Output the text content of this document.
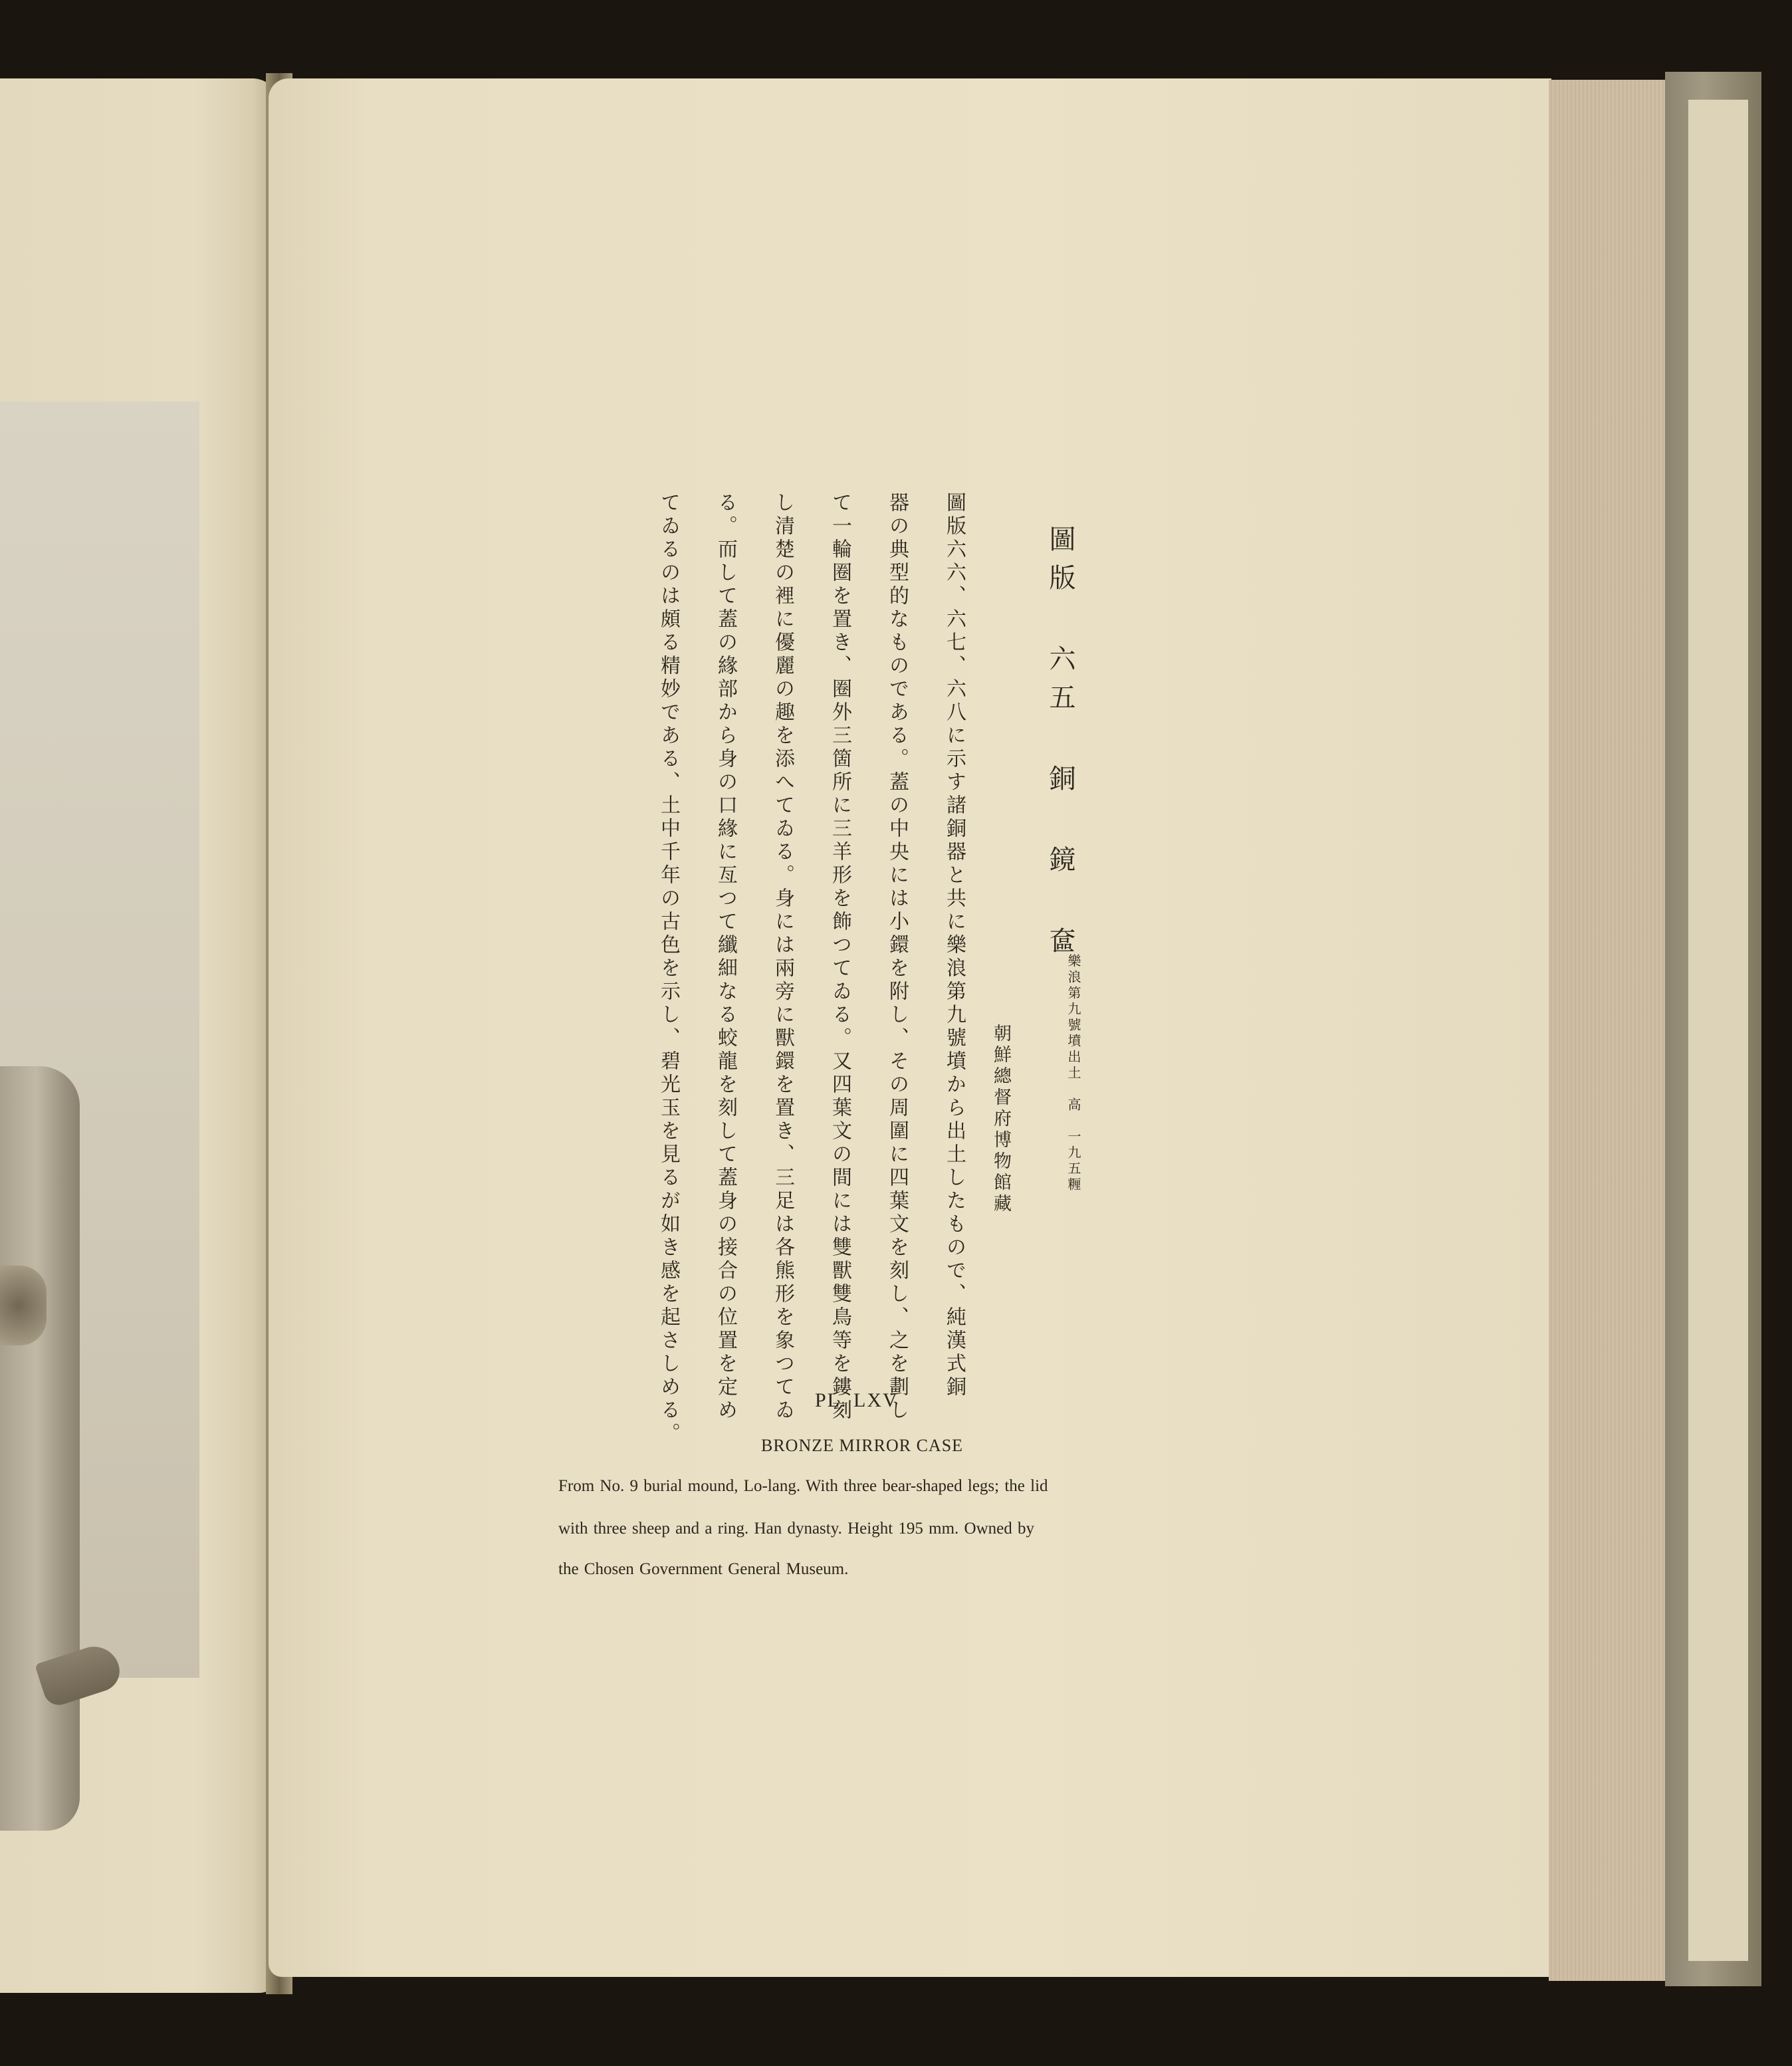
圖版 六五 銅 鏡 奩
樂浪第九號墳出土　高　一九五糎
朝鮮總督府博物館藏
圖版六六、六七、六八に示す諸銅器と共に樂浪第九號墳から出土したもので、純漢式銅
器の典型的なものである。蓋の中央には小鐶を附し、その周圍に四葉文を刻し、之を劃し
て一輪圈を置き、圈外三箇所に三羊形を飾つてゐる。又四葉文の間には雙獸雙鳥等を鏤刻
し清楚の裡に優麗の趣を添へてゐる。身には兩旁に獸鐶を置き、三足は各熊形を象つてゐ
る。而して蓋の緣部から身の口緣に亙つて纖細なる蛟龍を刻して蓋身の接合の位置を定め
てゐるのは頗る精妙である、土中千年の古色を示し、碧光玉を見るが如き感を起さしめる。	PL. LXV
BRONZE MIRROR CASE
From No. 9 burial mound, Lo-lang. With three bear-shaped legs; the lid
with three sheep and a ring. Han dynasty. Height 195 mm. Owned by
the Chosen Government General Museum.
